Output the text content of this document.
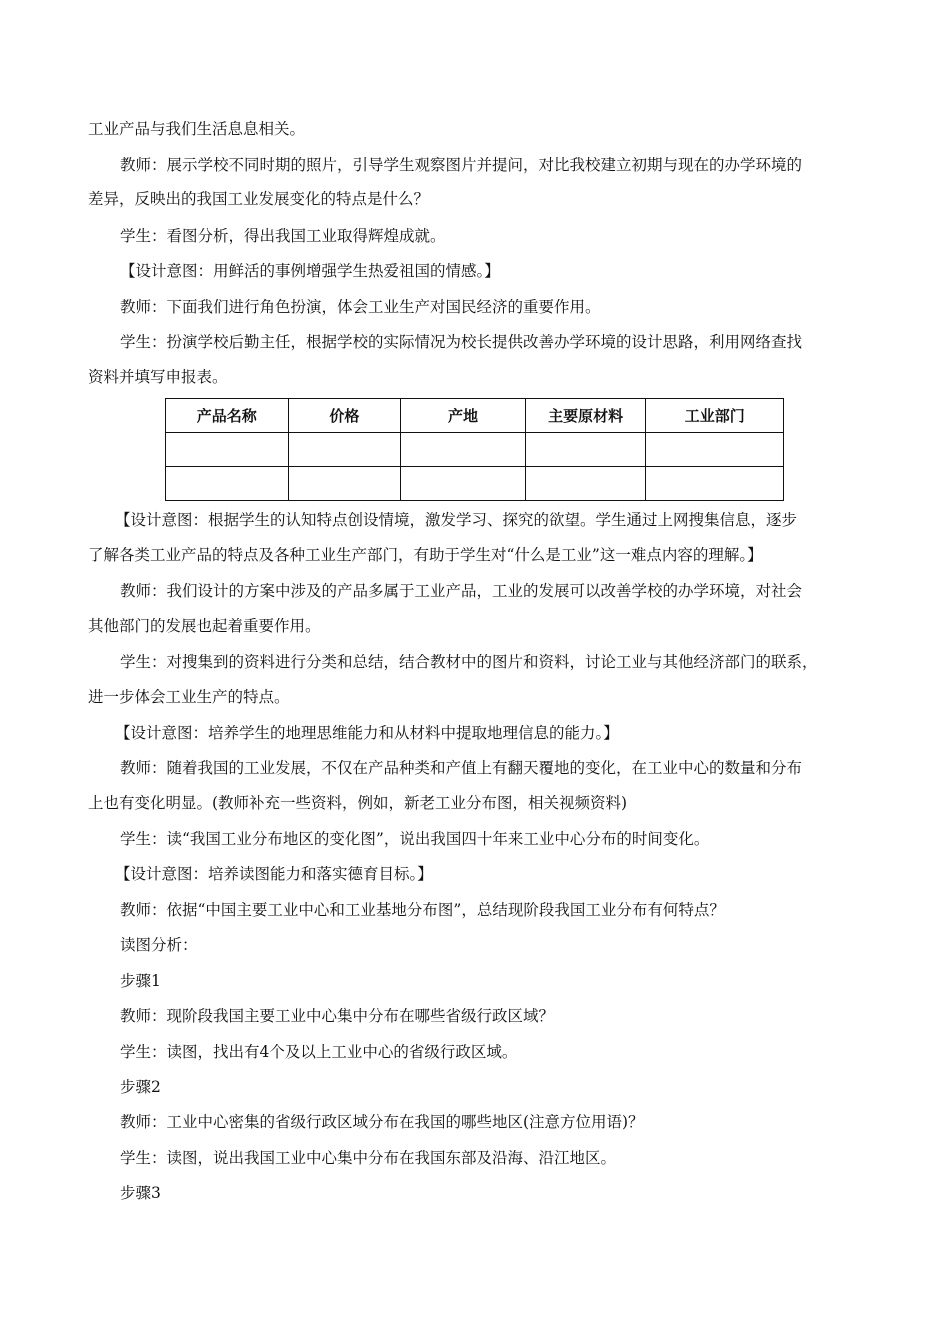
工业产品与我们生活息息相关。
教师：展示学校不同时期的照片，引导学生观察图片并提问，对比我校建立初期与现在的办学环境的
差异，反映出的我国工业发展变化的特点是什么？
学生：看图分析，得出我国工业取得辉煌成就。
【设计意图：用鲜活的事例增强学生热爱祖国的情感。】
教师：下面我们进行角色扮演，体会工业生产对国民经济的重要作用。
学生：扮演学校后勤主任，根据学校的实际情况为校长提供改善办学环境的设计思路，利用网络查找
资料并填写申报表。
产品名称	价格	产地	主要原材料	工业部门

【设计意图：根据学生的认知特点创设情境，激发学习、探究的欲望。学生通过上网搜集信息，逐步
了解各类工业产品的特点及各种工业生产部门，有助于学生对“什么是工业”这一难点内容的理解。】
教师：我们设计的方案中涉及的产品多属于工业产品，工业的发展可以改善学校的办学环境，对社会
其他部门的发展也起着重要作用。
学生：对搜集到的资料进行分类和总结，结合教材中的图片和资料，讨论工业与其他经济部门的联系，
进一步体会工业生产的特点。
【设计意图：培养学生的地理思维能力和从材料中提取地理信息的能力。】
教师：随着我国的工业发展，不仅在产品种类和产值上有翻天覆地的变化，在工业中心的数量和分布
上也有变化明显。(教师补充一些资料，例如，新老工业分布图，相关视频资料)
学生：读“我国工业分布地区的变化图”，说出我国四十年来工业中心分布的时间变化。
【设计意图：培养读图能力和落实德育目标。】
教师：依据“中国主要工业中心和工业基地分布图”，总结现阶段我国工业分布有何特点？
读图分析：
步骤1
教师：现阶段我国主要工业中心集中分布在哪些省级行政区域？
学生：读图，找出有4个及以上工业中心的省级行政区域。
步骤2
教师：工业中心密集的省级行政区域分布在我国的哪些地区(注意方位用语)？
学生：读图，说出我国工业中心集中分布在我国东部及沿海、沿江地区。
步骤3
